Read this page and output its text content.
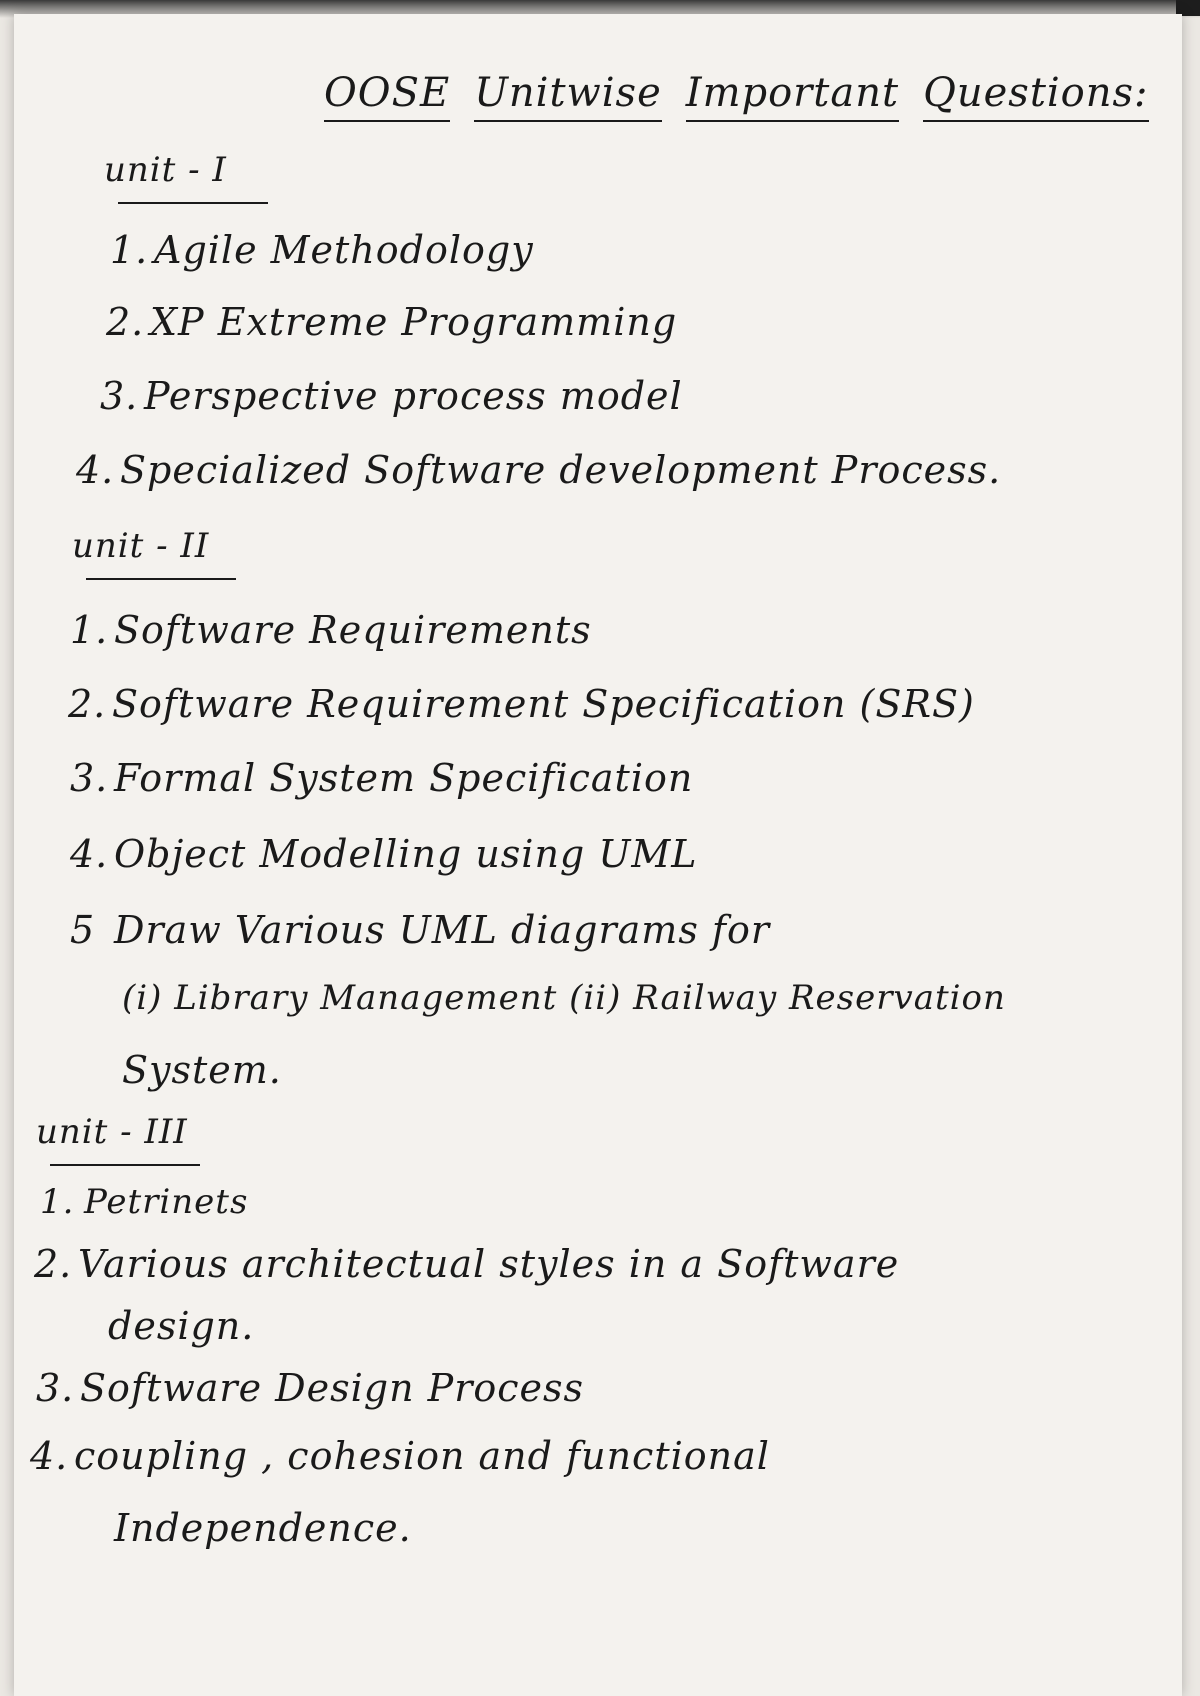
OOSE Unitwise Important Questions:
unit - I
1. Agile Methodology
2. XP Extreme Programming
3. Perspective process model
4. Specialized Software development Process.
unit - II
1. Software Requirements
2. Software Requirement Specification (SRS)
3. Formal System Specification
4. Object Modelling using UML
5 Draw Various UML diagrams for
(i) Library Management (ii) Railway Reservation
System.
unit - III
1. Petrinets
2. Various architectual styles in a Software
design.
3. Software Design Process
4. coupling , cohesion and functional
Independence.
